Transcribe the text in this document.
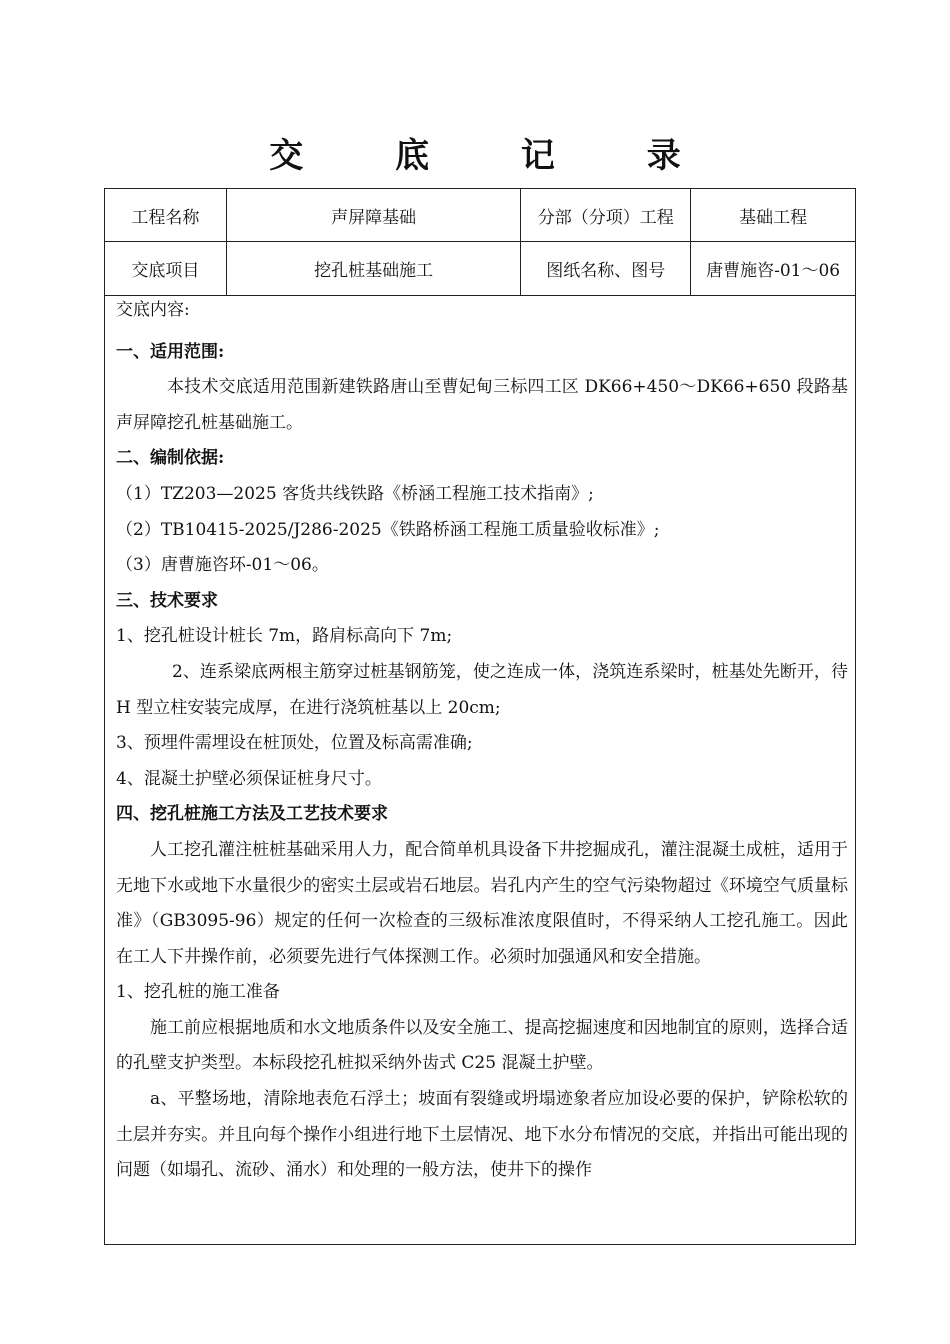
交 底 记 录
工程名称	声屏障基础	分部（分项）工程	基础工程
交底项目	挖孔桩基础施工	图纸名称、图号	唐曹施咨-01～06

交底内容:

一、适用范围:

本技术交底适用范围新建铁路唐山至曹妃甸三标四工区 DK66+450～DK66+650 段路基声屏障挖孔桩基础施工。

二、编制依据:

（1）TZ203—2025 客货共线铁路《桥涵工程施工技术指南》;

（2）TB10415-2025/J286-2025《铁路桥涵工程施工质量验收标准》;

（3）唐曹施咨环-01～06。

三、技术要求

1、挖孔桩设计桩长 7m，路肩标高向下 7m;

2、连系梁底两根主筋穿过桩基钢筋笼，使之连成一体，浇筑连系梁时，桩基处先断开，待 H 型立柱安装完成厚，在进行浇筑桩基以上 20cm;

3、预埋件需埋设在桩顶处，位置及标高需准确;

4、混凝土护壁必须保证桩身尺寸。

四、挖孔桩施工方法及工艺技术要求

人工挖孔灌注桩桩基础采用人力，配合简单机具设备下井挖掘成孔，灌注混凝土成桩，适用于无地下水或地下水量很少的密实土层或岩石地层。岩孔内产生的空气污染物超过《环境空气质量标准》（GB3095-96）规定的任何一次检查的三级标准浓度限值时，不得采纳人工挖孔施工。因此在工人下井操作前，必须要先进行气体探测工作。必须时加强通风和安全措施。

1、挖孔桩的施工准备

施工前应根据地质和水文地质条件以及安全施工、提高挖掘速度和因地制宜的原则，选择合适的孔壁支护类型。本标段挖孔桩拟采纳外齿式 C25 混凝土护壁。

a、平整场地，清除地表危石浮土；坡面有裂缝或坍塌迹象者应加设必要的保护，铲除松软的土层并夯实。并且向每个操作小组进行地下土层情况、地下水分布情况的交底，并指出可能出现的问题（如塌孔、流砂、涌水）和处理的一般方法，使井下的操作
